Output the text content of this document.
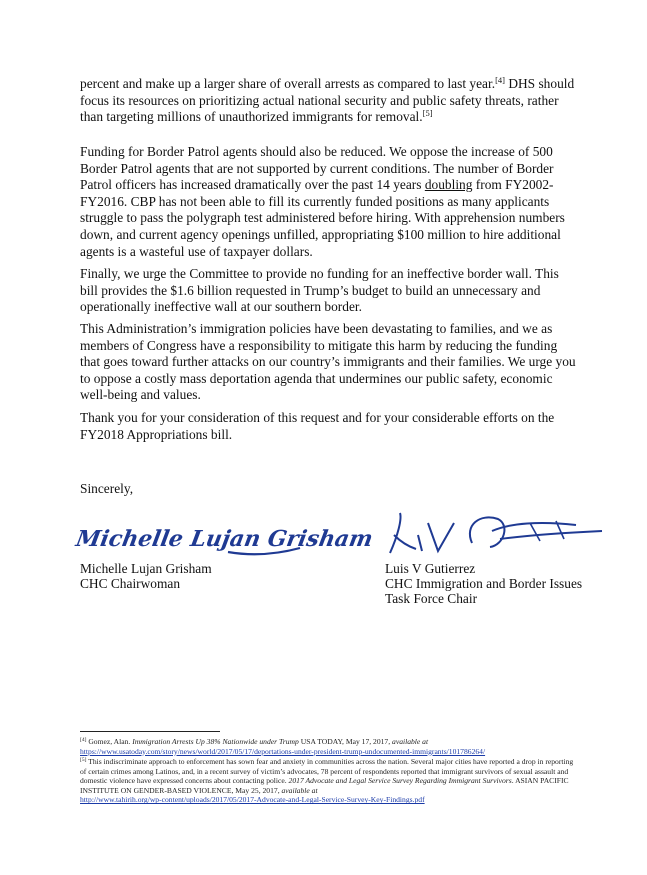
percent and make up a larger share of overall arrests as compared to last year.[4] DHS should focus its resources on prioritizing actual national security and public safety threats, rather than targeting millions of unauthorized immigrants for removal.[5]

Funding for Border Patrol agents should also be reduced. We oppose the increase of 500 Border Patrol agents that are not supported by current conditions. The number of Border Patrol officers has increased dramatically over the past 14 years doubling from FY2002-FY2016. CBP has not been able to fill its currently funded positions as many applicants struggle to pass the polygraph test administered before hiring. With apprehension numbers down, and current agency openings unfilled, appropriating $100 million to hire additional agents is a wasteful use of taxpayer dollars.

Finally, we urge the Committee to provide no funding for an ineffective border wall. This bill provides the $1.6 billion requested in Trump’s budget to build an unnecessary and operationally ineffective wall at our southern border.

This Administration’s immigration policies have been devastating to families, and we as members of Congress have a responsibility to mitigate this harm by reducing the funding that goes toward further attacks on our country’s immigrants and their families. We urge you to oppose a costly mass deportation agenda that undermines our public safety, economic well-being and values.

Thank you for your consideration of this request and for your considerable efforts on the FY2018 Appropriations bill.

Sincerely,

Michelle Lujan Grisham
Michelle Lujan Grisham
CHC Chairwoman
Luis V Gutierrez
CHC Immigration and Border Issues
Task Force Chair

[4] Gomez, Alan. Immigration Arrests Up 38% Nationwide under Trump USA TODAY, May 17, 2017, available at
https://www.usatoday.com/story/news/world/2017/05/17/deportations-under-president-trump-undocumented-immigrants/101786264/

[5] This indiscriminate approach to enforcement has sown fear and anxiety in communities across the nation. Several major cities have reported a drop in reporting of certain crimes among Latinos, and, in a recent survey of victim’s advocates, 78 percent of respondents reported that immigrant survivors of sexual assault and domestic violence have expressed concerns about contacting police. 2017 Advocate and Legal Service Survey Regarding Immigrant Survivors. ASIAN PACIFIC INSTITUTE ON GENDER-BASED VIOLENCE, May 25, 2017, available at
http://www.tahirih.org/wp-content/uploads/2017/05/2017-Advocate-and-Legal-Service-Survey-Key-Findings.pdf
